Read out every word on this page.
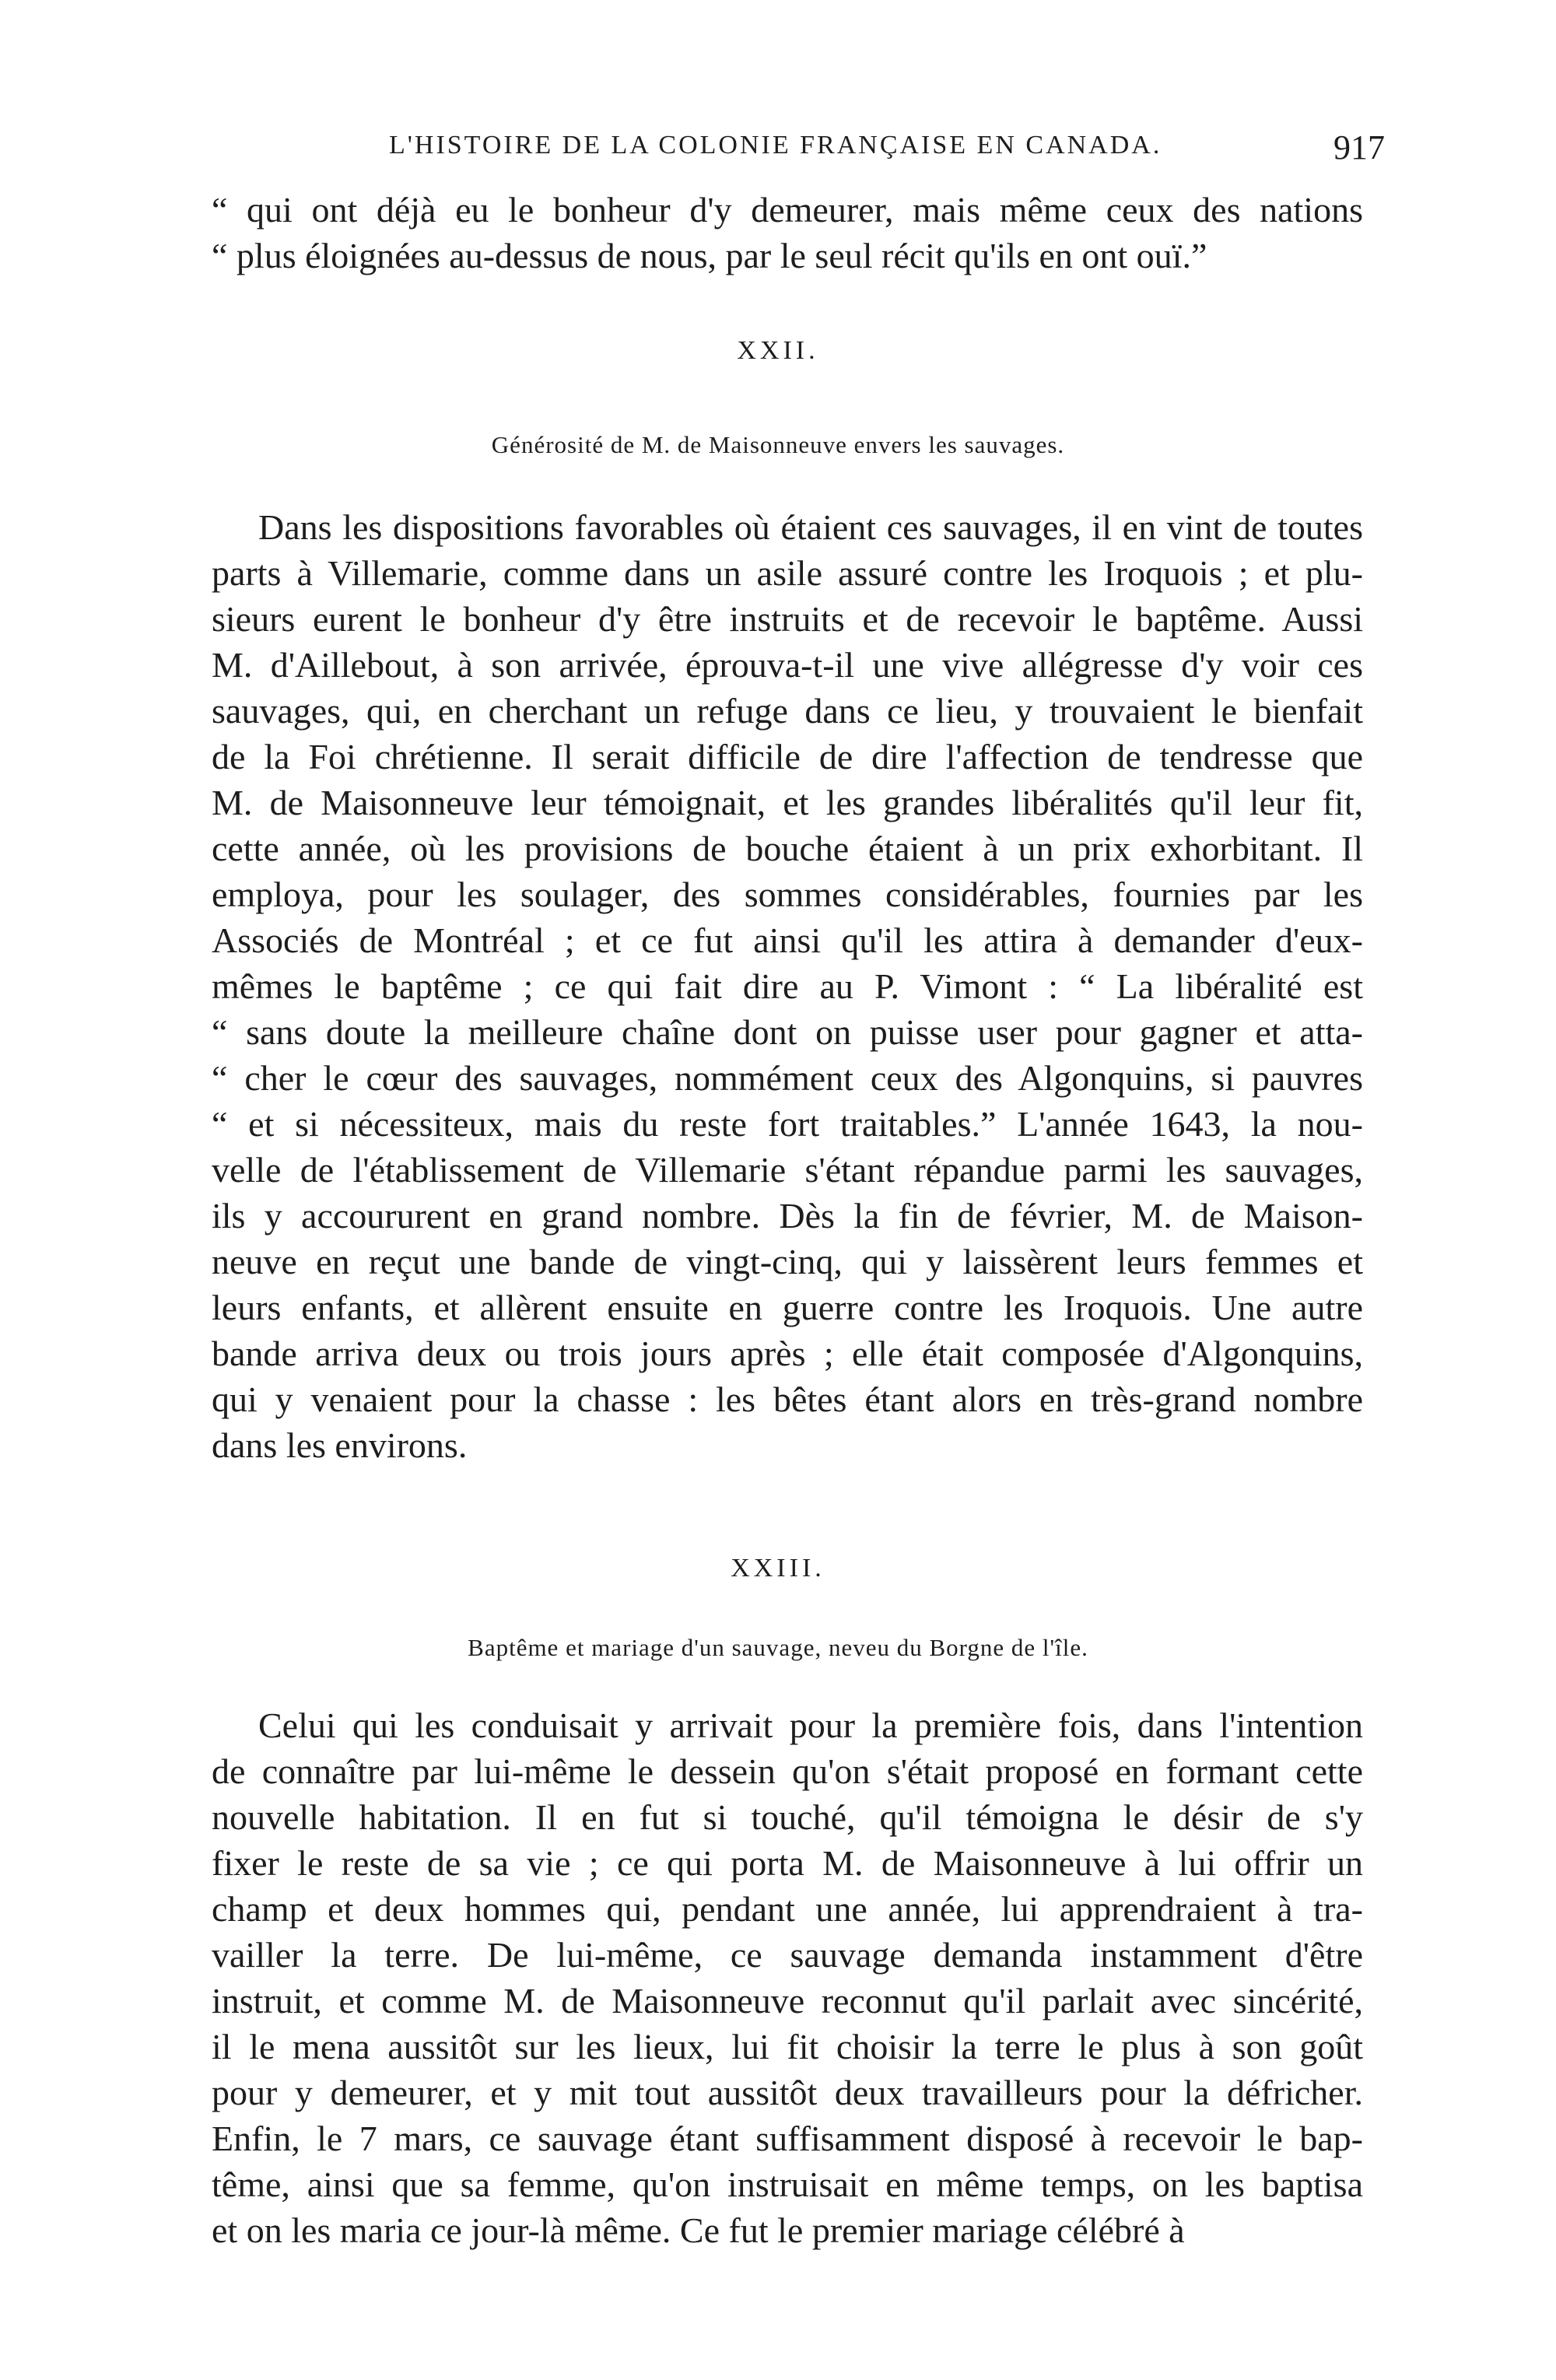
L'HISTOIRE DE LA COLONIE FRANÇAISE EN CANADA.	917
“ qui ont déjà eu le bonheur d'y demeurer, mais même ceux des nations
“ plus éloignées au-dessus de nous, par le seul récit qu'ils en ont ouï.”
XXII.
Générosité de M. de Maisonneuve envers les sauvages.
Dans les dispositions favorables où étaient ces sauvages, il en vint de toutes
parts à Villemarie, comme dans un asile assuré contre les Iroquois ; et plu-
sieurs eurent le bonheur d'y être instruits et de recevoir le baptême. Aussi
M. d'Aillebout, à son arrivée, éprouva-t-il une vive allégresse d'y voir ces
sauvages, qui, en cherchant un refuge dans ce lieu, y trouvaient le bienfait
de la Foi chrétienne. Il serait difficile de dire l'affection de tendresse que
M. de Maisonneuve leur témoignait, et les grandes libéralités qu'il leur fit,
cette année, où les provisions de bouche étaient à un prix exhorbitant. Il
employa, pour les soulager, des sommes considérables, fournies par les
Associés de Montréal ; et ce fut ainsi qu'il les attira à demander d'eux-
mêmes le baptême ; ce qui fait dire au P. Vimont : “ La libéralité est
“ sans doute la meilleure chaîne dont on puisse user pour gagner et atta-
“ cher le cœur des sauvages, nommément ceux des Algonquins, si pauvres
“ et si nécessiteux, mais du reste fort traitables.” L'année 1643, la nou-
velle de l'établissement de Villemarie s'étant répandue parmi les sauvages,
ils y accoururent en grand nombre. Dès la fin de février, M. de Maison-
neuve en reçut une bande de vingt-cinq, qui y laissèrent leurs femmes et
leurs enfants, et allèrent ensuite en guerre contre les Iroquois. Une autre
bande arriva deux ou trois jours après ; elle était composée d'Algonquins,
qui y venaient pour la chasse : les bêtes étant alors en très-grand nombre
dans les environs.
XXIII.
Baptême et mariage d'un sauvage, neveu du Borgne de l'île.
Celui qui les conduisait y arrivait pour la première fois, dans l'intention
de connaître par lui-même le dessein qu'on s'était proposé en formant cette
nouvelle habitation. Il en fut si touché, qu'il témoigna le désir de s'y
fixer le reste de sa vie ; ce qui porta M. de Maisonneuve à lui offrir un
champ et deux hommes qui, pendant une année, lui apprendraient à tra-
vailler la terre. De lui-même, ce sauvage demanda instamment d'être
instruit, et comme M. de Maisonneuve reconnut qu'il parlait avec sincérité,
il le mena aussitôt sur les lieux, lui fit choisir la terre le plus à son goût
pour y demeurer, et y mit tout aussitôt deux travailleurs pour la défricher.
Enfin, le 7 mars, ce sauvage étant suffisamment disposé à recevoir le bap-
tême, ainsi que sa femme, qu'on instruisait en même temps, on les baptisa
et on les maria ce jour-là même. Ce fut le premier mariage célébré à
